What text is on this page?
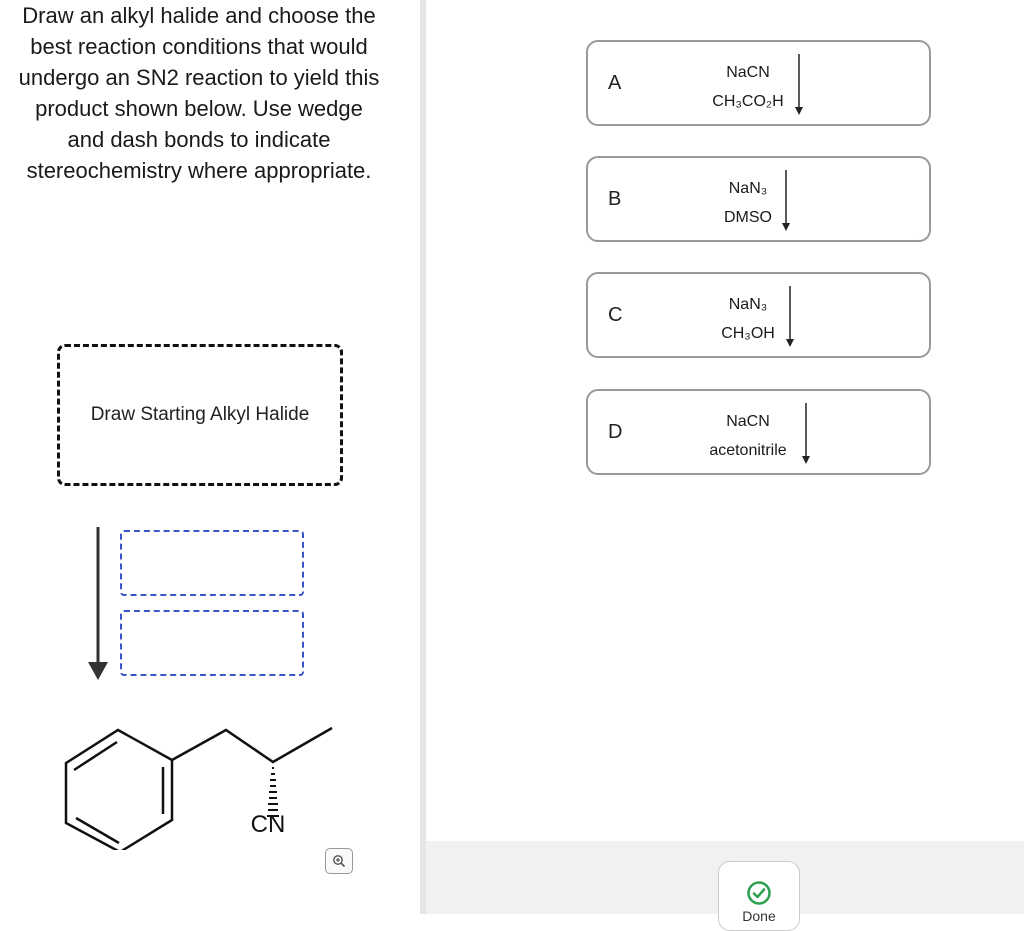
Draw an alkyl halide and choose the best reaction conditions that would undergo an SN2 reaction to yield this product shown below. Use wedge and dash bonds to indicate stereochemistry where appropriate.
Draw Starting Alkyl Halide
CN
A	NaCN
CH₃CO₂H
B	NaN₃
DMSO
C	NaN₃
CH₃OH
D	NaCN
acetonitrile
Done
